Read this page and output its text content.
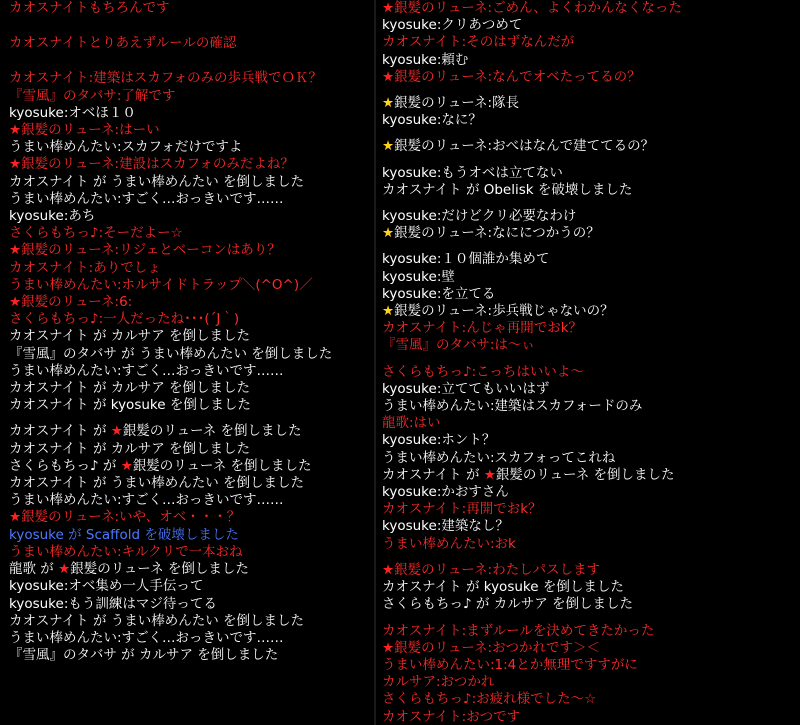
カオスナイトもちろんです
カオスナイトとりあえずルールの確認
カオスナイト:建築はスカフォのみの歩兵戦でＯＫ？
『雪風』のタバサ:了解です
kyosuke:オベほ１０
★銀髪のリューネ:はーい
うまい棒めんたい:スカフォだけですよ
★銀髪のリューネ:建設はスカフォのみだよね？
カオスナイト が うまい棒めんたい を倒しました
うまい棒めんたい:すごく…おっきいです……
kyosuke:あち
さくらもちっ♪:そーだよー☆
★銀髪のリューネ:リジェとベーコンはあり？
カオスナイト:ありでしょ
うまい棒めんたい:ホルサイドトラップ＼(^O^)／
★銀髪のリューネ:6:
さくらもちっ♪:一人だったね･･･(´J｀)
カオスナイト が カルサア を倒しました
『雪風』のタバサ が うまい棒めんたい を倒しました
うまい棒めんたい:すごく…おっきいです……
カオスナイト が カルサア を倒しました
カオスナイト が kyosuke を倒しました
カオスナイト が ★銀髪のリューネ を倒しました
カオスナイト が カルサア を倒しました
さくらもちっ♪ が ★銀髪のリューネ を倒しました
カオスナイト が うまい棒めんたい を倒しました
うまい棒めんたい:すごく…おっきいです……
★銀髪のリューネ:いや、オベ・・・？
kyosuke が Scaffold を破壊しました
うまい棒めんたい:キルクリで一本おね
龍歌 が ★銀髪のリューネ を倒しました
kyosuke:オベ集め一人手伝って
kyosuke:もう訓練はマジ待ってる
カオスナイト が うまい棒めんたい を倒しました
うまい棒めんたい:すごく…おっきいです……
『雪風』のタバサ が カルサア を倒しました
★銀髪のリューネ:ごめん、よくわかんなくなった
kyosuke:クリあつめて
カオスナイト:そのはずなんだが
kyosuke:頼む
★銀髪のリューネ:なんでオベたってるの？
★銀髪のリューネ:隊長
kyosuke:なに？
★銀髪のリューネ:おべはなんで建ててるの？
kyosuke:もうオベは立てない
カオスナイト が Obelisk を破壊しました
kyosuke:だけどクリ必要なわけ
★銀髪のリューネ:なににつかうの？
kyosuke:１０個誰か集めて
kyosuke:壁
kyosuke:を立てる
★銀髪のリューネ:歩兵戦じゃないの？
カオスナイト:んじゃ再開でおk？
『雪風』のタバサ:は〜ぃ
さくらもちっ♪:こっちはいいよ〜
kyosuke:立ててもいいはず
うまい棒めんたい:建築はスカフォードのみ
龍歌:はい
kyosuke:ホント？
うまい棒めんたい:スカフォってこれね
カオスナイト が ★銀髪のリューネ を倒しました
kyosuke:かおすさん
カオスナイト:再開でおk？
kyosuke:建築なし？
うまい棒めんたい:おk
★銀髪のリューネ:わたしパスします
カオスナイト が kyosuke を倒しました
さくらもちっ♪ が カルサア を倒しました
カオスナイト:まずルールを決めてきたかった
★銀髪のリューネ:おつかれです＞＜
うまい棒めんたい:1:4とか無理ですすがに
カルサア:おつかれ
さくらもちっ♪:お疲れ様でした〜☆
カオスナイト:おつです
